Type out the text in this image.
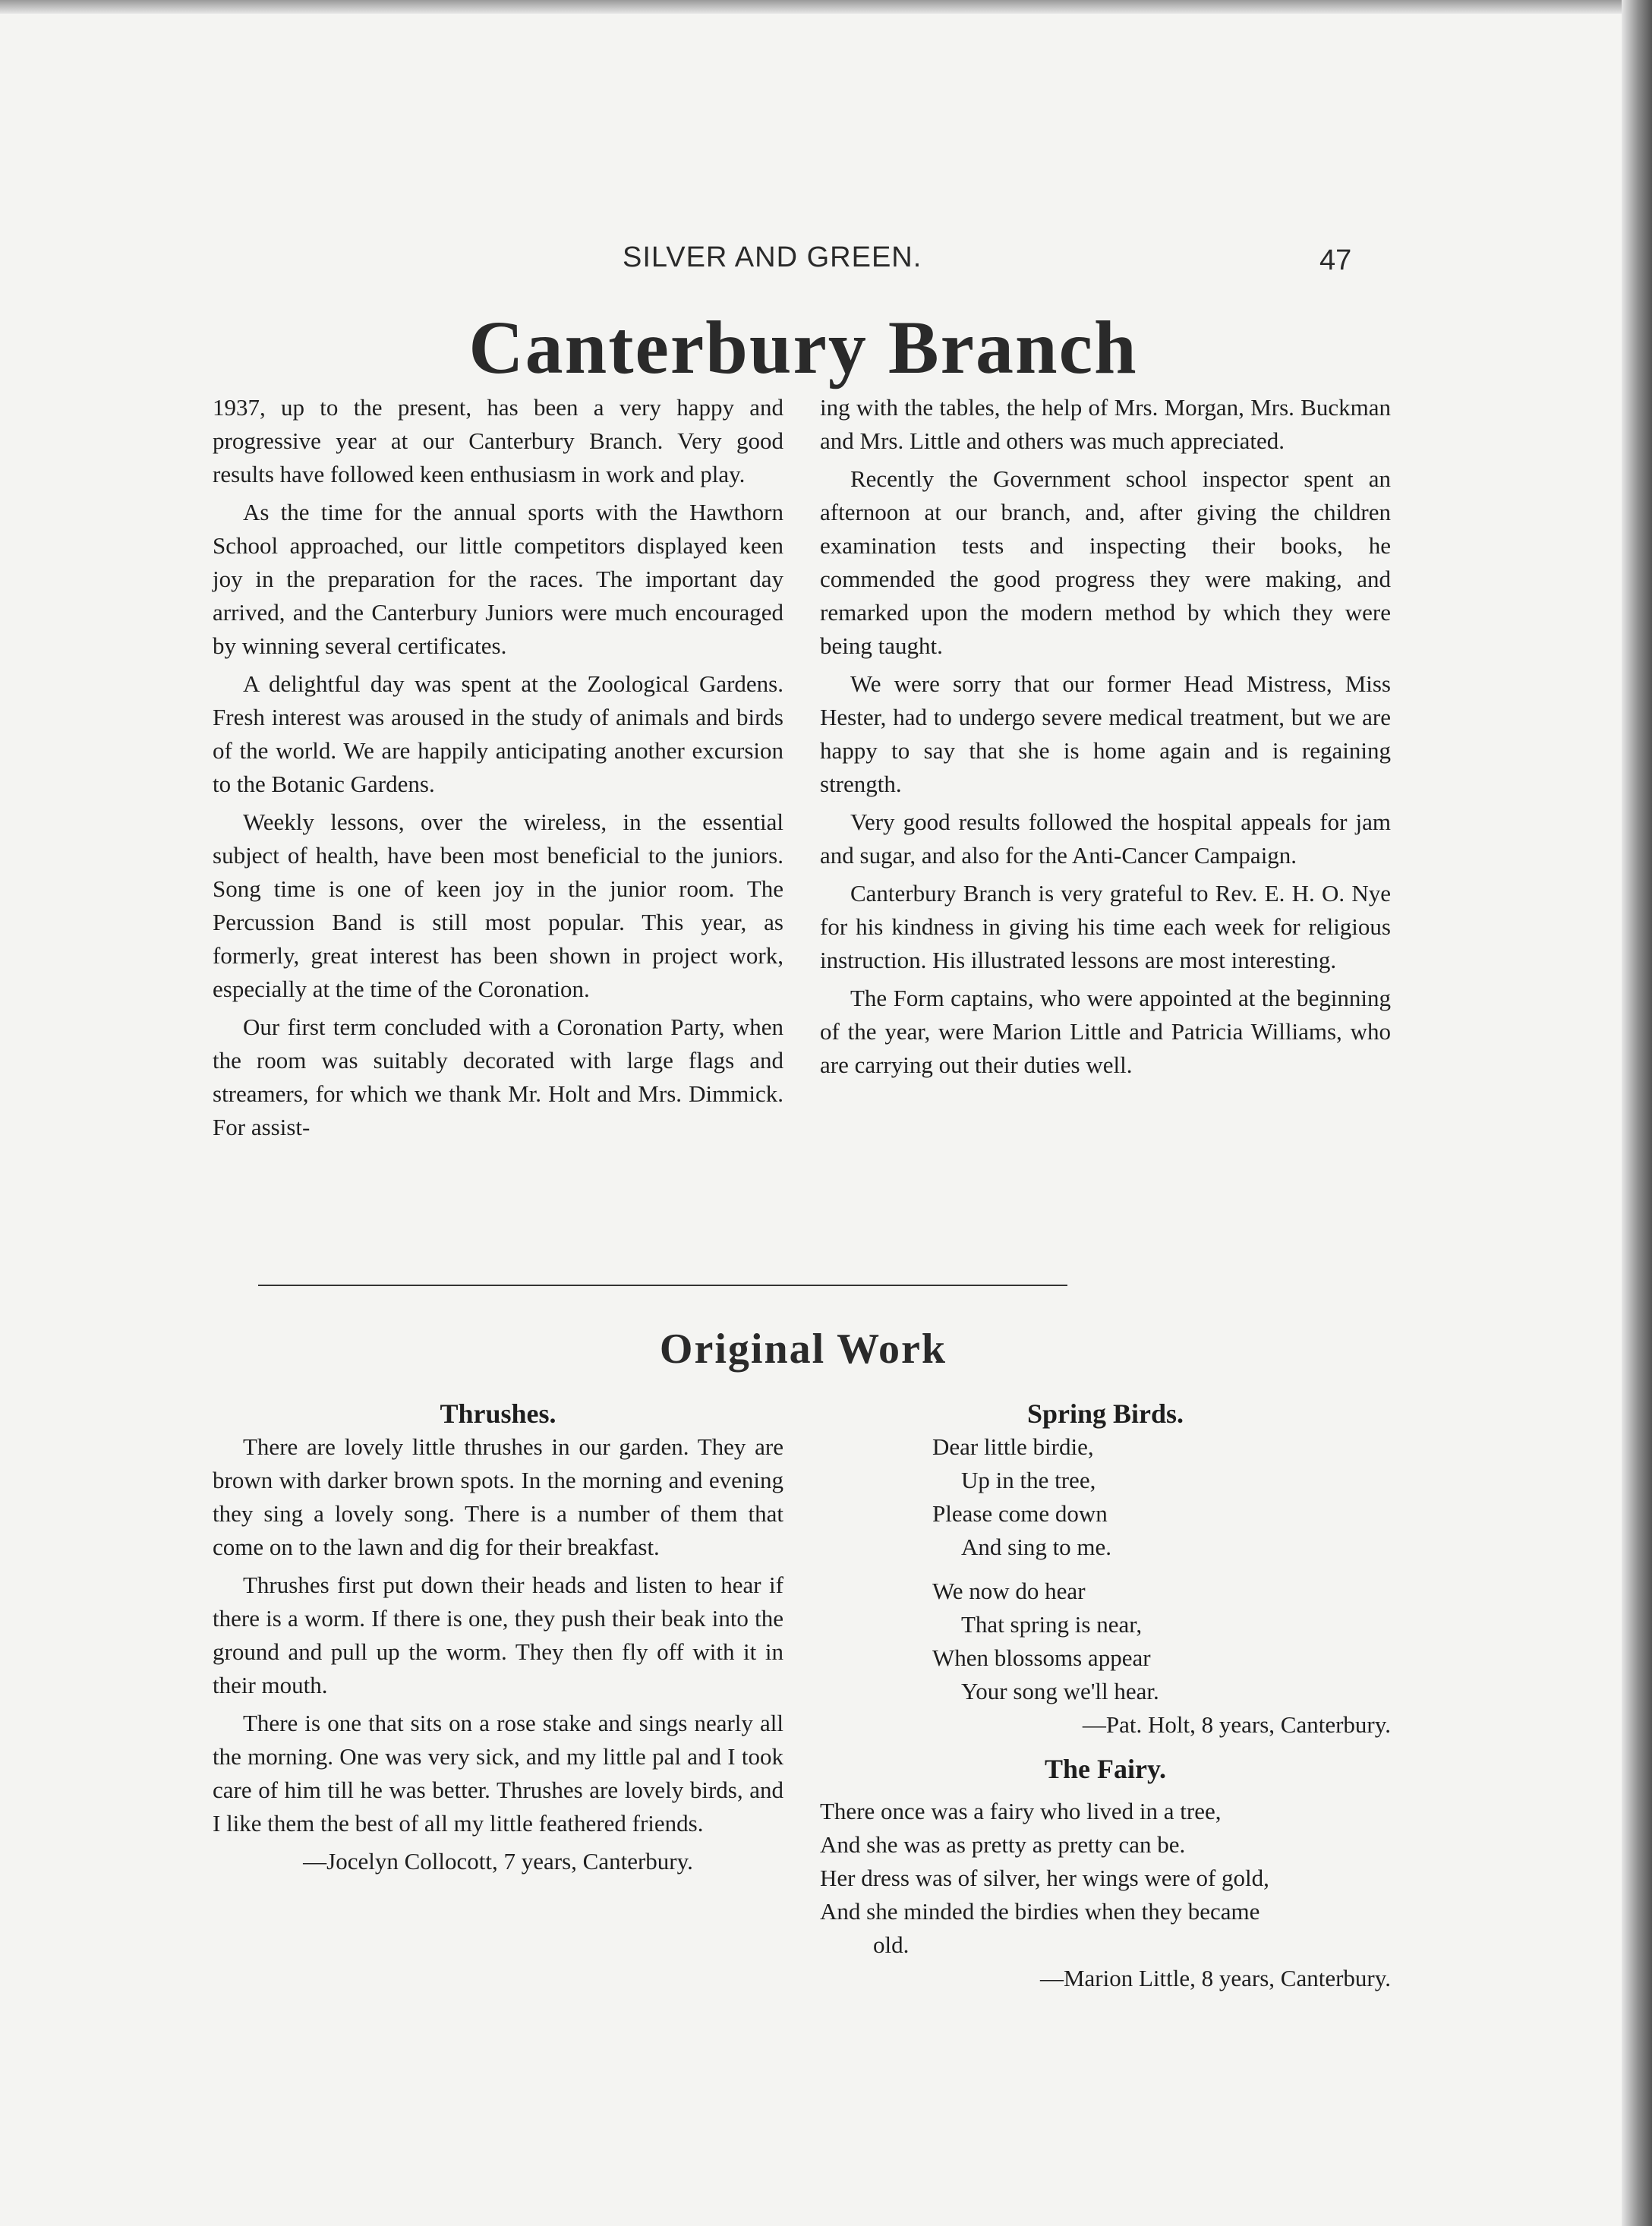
SILVER AND GREEN.	47
Canterbury Branch

1937, up to the present, has been a very happy and progressive year at our Canterbury Branch. Very good results have followed keen enthusiasm in work and play.

As the time for the annual sports with the Hawthorn School approached, our little competitors displayed keen joy in the preparation for the races. The important day arrived, and the Canterbury Juniors were much encouraged by winning several certificates.

A delightful day was spent at the Zoological Gardens. Fresh interest was aroused in the study of animals and birds of the world. We are happily anticipating another excursion to the Botanic Gardens.

Weekly lessons, over the wireless, in the essential subject of health, have been most beneficial to the juniors. Song time is one of keen joy in the junior room. The Percussion Band is still most popular. This year, as formerly, great interest has been shown in project work, especially at the time of the Coronation.

Our first term concluded with a Coronation Party, when the room was suitably decorated with large flags and streamers, for which we thank Mr. Holt and Mrs. Dimmick. For assist-

ing with the tables, the help of Mrs. Morgan, Mrs. Buckman and Mrs. Little and others was much appreciated.

Recently the Government school inspector spent an afternoon at our branch, and, after giving the children examination tests and inspecting their books, he commended the good progress they were making, and remarked upon the modern method by which they were being taught.

We were sorry that our former Head Mistress, Miss Hester, had to undergo severe medical treatment, but we are happy to say that she is home again and is regaining strength.

Very good results followed the hospital appeals for jam and sugar, and also for the Anti-Cancer Campaign.

Canterbury Branch is very grateful to Rev. E. H. O. Nye for his kindness in giving his time each week for religious instruction. His illustrated lessons are most interesting.

The Form captains, who were appointed at the beginning of the year, were Marion Little and Patricia Williams, who are carrying out their duties well.

Original Work
Thrushes.

There are lovely little thrushes in our garden. They are brown with darker brown spots. In the morning and evening they sing a lovely song. There is a number of them that come on to the lawn and dig for their breakfast.

Thrushes first put down their heads and listen to hear if there is a worm. If there is one, they push their beak into the ground and pull up the worm. They then fly off with it in their mouth.

There is one that sits on a rose stake and sings nearly all the morning. One was very sick, and my little pal and I took care of him till he was better. Thrushes are lovely birds, and I like them the best of all my little feathered friends.

—Jocelyn Collocott, 7 years, Canterbury.
Spring Birds.
Dear little birdie,
Up in the tree,
Please come down
And sing to me.
We now do hear
That spring is near,
When blossoms appear
Your song we'll hear.
—Pat. Holt, 8 years, Canterbury.
The Fairy.
There once was a fairy who lived in a tree,
And she was as pretty as pretty can be.
Her dress was of silver, her wings were of gold,
And she minded the birdies when they became
old.
—Marion Little, 8 years, Canterbury.
